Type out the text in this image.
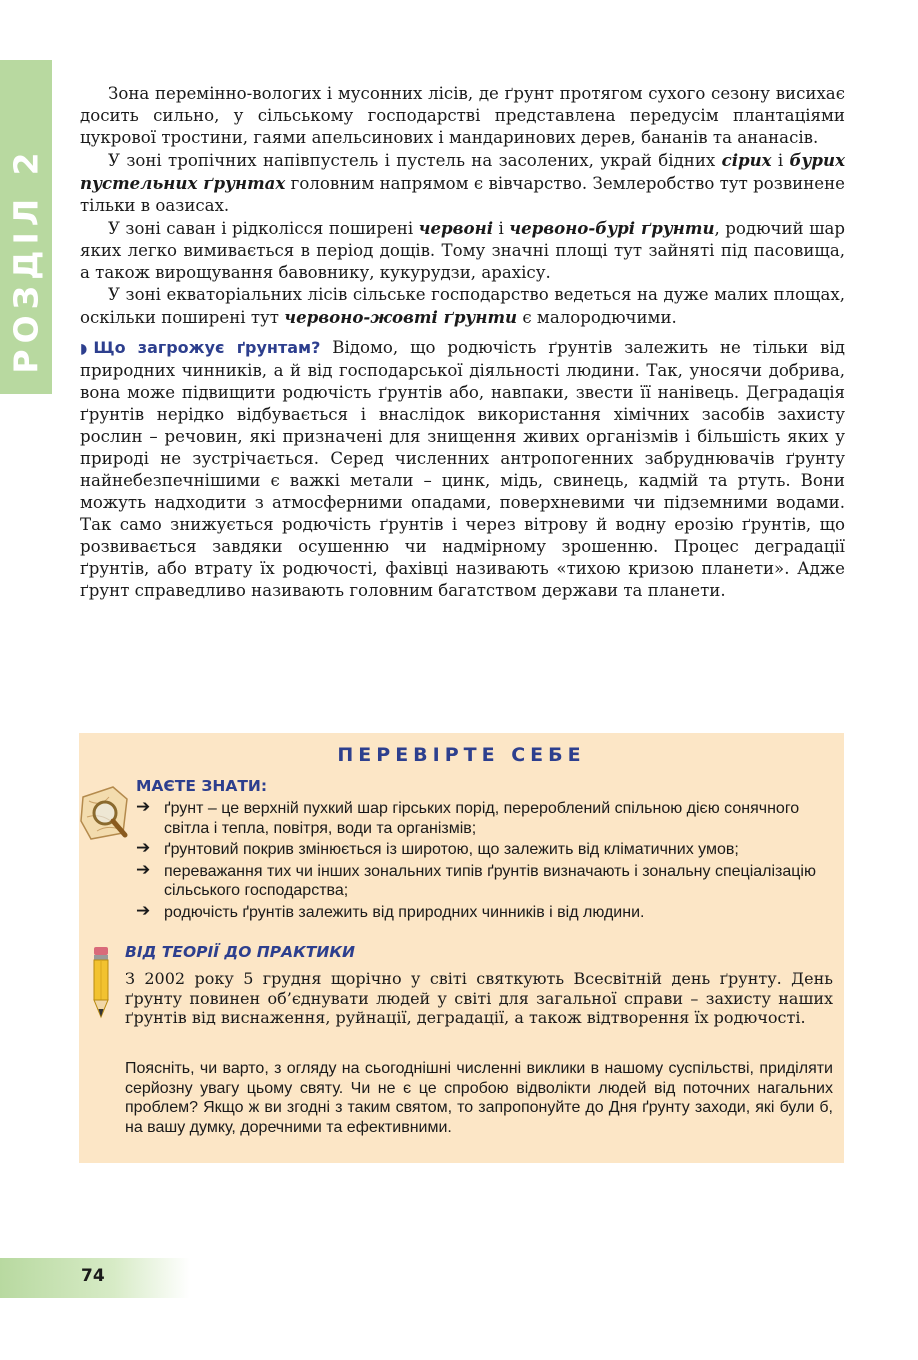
РОЗДІЛ 2

Зона перемінно-вологих і мусонних лісів, де ґрунт протягом сухого сезону висихає досить сильно, у сільському господарстві представлена передусім плантаціями цукрової тростини, гаями апельсинових і мандаринових дерев, бананів та ананасів.

У зоні тропічних напівпустель і пустель на засолених, украй бідних сірих і бурих пустельних ґрунтах головним напрямом є вівчарство. Землеробство тут розвинене тільки в оазисах.

У зоні саван і рідколісся поширені червоні і червоно-бурі ґрунти, родючий шар яких легко вимивається в період дощів. Тому значні площі тут зайняті під пасовища, а також вирощування бавовнику, кукурудзи, арахісу.

У зоні екваторіальних лісів сільське господарство ведеться на дуже малих площах, оскільки поширені тут червоно-жовті ґрунти є малородючими.

◗ Що загрожує ґрунтам? Відомо, що родючість ґрунтів залежить не тільки від природних чинників, а й від господарської діяльності людини. Так, уносячи добрива, вона може підвищити родючість ґрунтів або, навпаки, звести її нанівець. Деградація ґрунтів нерідко відбувається і внаслідок використання хімічних засобів захисту рослин – речовин, які призначені для знищення живих організмів і більшість яких у природі не зустрічається. Серед численних антропогенних забруднювачів ґрунту найнебезпечнішими є важкі метали – цинк, мідь, свинець, кадмій та ртуть. Вони можуть надходити з атмосферними опадами, поверхневими чи підземними водами. Так само знижується родючість ґрунтів і через вітрову й водну ерозію ґрунтів, що розвивається завдяки осушенню чи надмірному зрошенню. Процес деградації ґрунтів, або втрату їх родючості, фахівці називають «тихою кризою планети». Адже ґрунт справедливо називають головним багатством держави та планети.

ПЕРЕВІРТЕ СЕБЕ
МАЄТЕ ЗНАТИ:
➔ ґрунт – це верхній пухкий шар гірських порід, перероблений спільною дією сонячного світла і тепла, повітря, води та організмів;
➔ ґрунтовий покрив змінюється із широтою, що залежить від кліматичних умов;
➔ переважання тих чи інших зональних типів ґрунтів визначають і зональну спеціалізацію сільського господарства;
➔ родючість ґрунтів залежить від природних чинників і від людини.
ВІД ТЕОРІЇ ДО ПРАКТИКИ
З 2002 року 5 грудня щорічно у світі святкують Всесвітній день ґрунту. День ґрунту повинен об’єднувати людей у світі для загальної справи – захисту наших ґрунтів від виснаження, руйнації, деградації, а також відтворення їх родючості.
Поясніть, чи варто, з огляду на сьогоднішні численні виклики в нашому суспільстві, приділяти серйозну увагу цьому святу. Чи не є це спробою відволікти людей від поточних нагальних проблем? Якщо ж ви згодні з таким святом, то запропонуйте до Дня ґрунту заходи, які були б, на вашу думку, доречними та ефективними.
74
